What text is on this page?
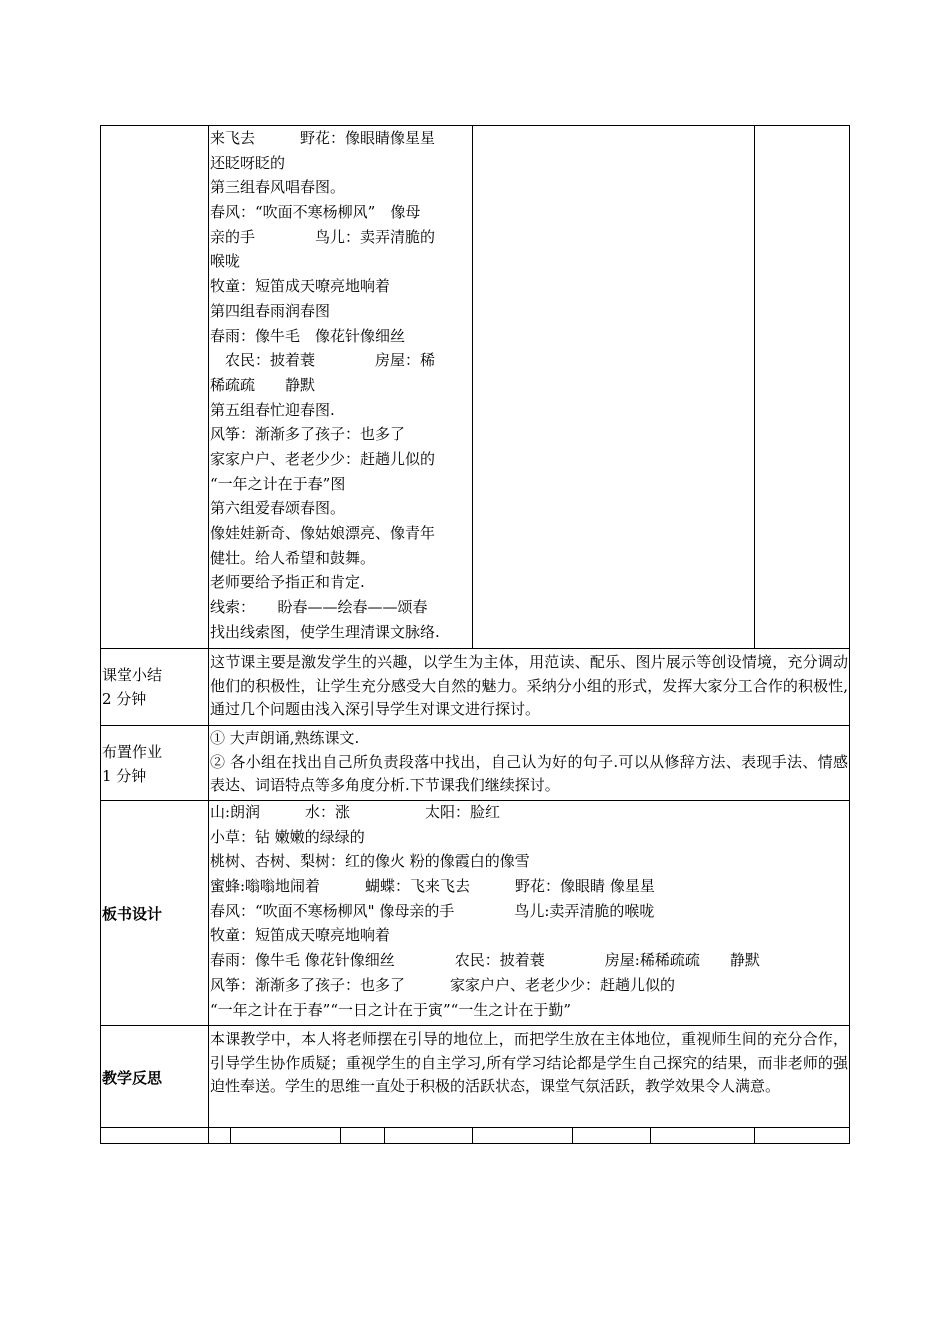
来飞去　　　野花：像眼睛像星星
还眨呀眨的
第三组春风唱春图。
春风：“吹面不寒杨柳风”　像母
亲的手　　　　鸟儿：卖弄清脆的
喉咙
牧童：短笛成天嘹亮地响着
第四组春雨润春图
春雨：像牛毛　像花针像细丝
　农民：披着蓑　　　　房屋：稀
稀疏疏　　静默
第五组春忙迎春图.
风筝：渐渐多了孩子：也多了
家家户户、老老少少：赶趟儿似的
“一年之计在于春”图
第六组爱春颂春图。
像娃娃新奇、像姑娘漂亮、像青年
健壮。给人希望和鼓舞。
老师要给予指正和肯定.
线索：　　盼春——绘春——颂春
找出线索图，使学生理清课文脉络.
课堂小结
2 分钟
这节课主要是激发学生的兴趣，以学生为主体，用范读、配乐、图片展示等创设情境，充分调动他们的积极性，让学生充分感受大自然的魅力。采纳分小组的形式，发挥大家分工合作的积极性,通过几个问题由浅入深引导学生对课文进行探讨。
布置作业
1 分钟
① 大声朗诵,熟练课文.
② 各小组在找出自己所负责段落中找出，自己认为好的句子.可以从修辞方法、表现手法、情感表达、词语特点等多角度分析.下节课我们继续探讨。
板书设计
山:朗润　　　水：涨　　　　　太阳：脸红
小草：钻 嫩嫩的绿绿的
桃树、杏树、梨树：红的像火 粉的像霞白的像雪
蜜蜂:嗡嗡地闹着　　　蝴蝶：飞来飞去　　　野花：像眼睛 像星星
春风：“吹面不寒杨柳风" 像母亲的手　　　　鸟儿:卖弄清脆的喉咙
牧童：短笛成天嘹亮地响着
春雨：像牛毛 像花针像细丝　　　　农民：披着蓑　　　　房屋:稀稀疏疏　　静默
风筝：渐渐多了孩子：也多了　　　家家户户、老老少少：赶趟儿似的
“一年之计在于春”“一日之计在于寅”“一生之计在于勤”
教学反思
本课教学中，本人将老师摆在引导的地位上，而把学生放在主体地位，重视师生间的充分合作，引导学生协作质疑；重视学生的自主学习,所有学习结论都是学生自己探究的结果，而非老师的强迫性奉送。学生的思维一直处于积极的活跃状态，课堂气氛活跃，教学效果令人满意。
